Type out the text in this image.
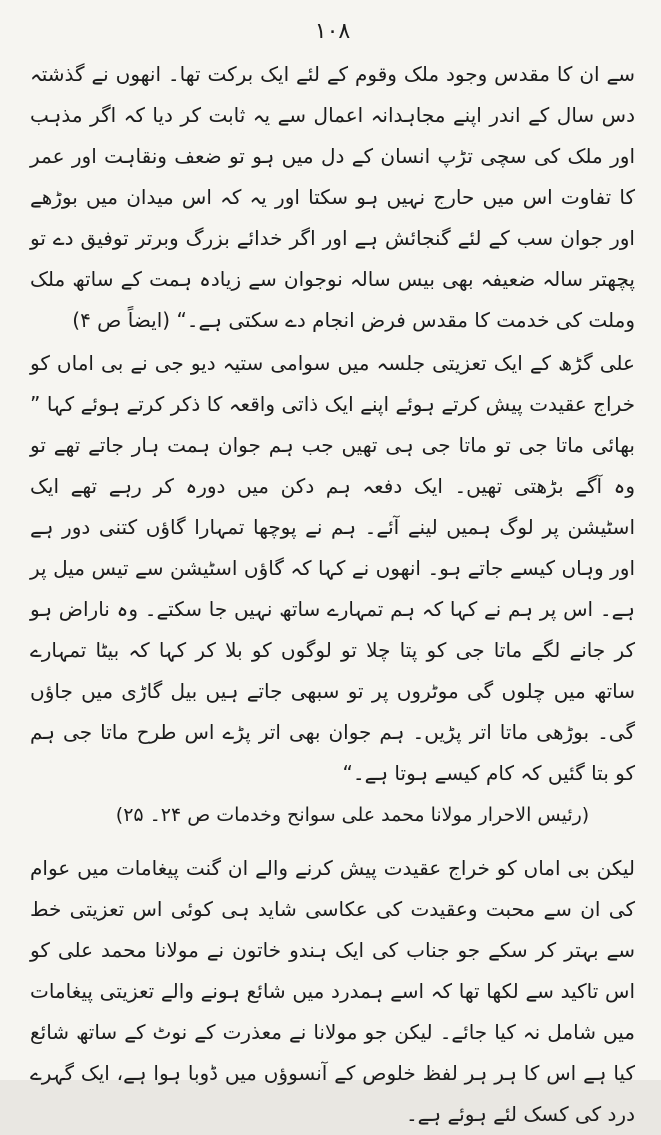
۱۰۸

سے ان کا مقدس وجود ملک وقوم کے لئے ایک برکت تھا۔ انھوں نے گذشتہ دس سال کے اندر اپنے مجاہدانہ اعمال سے یہ ثابت کر دیا کہ اگر مذہب اور ملک کی سچی تڑپ انسان کے دل میں ہو تو ضعف ونقاہت اور عمر کا تفاوت اس میں حارج نہیں ہو سکتا اور یہ کہ اس میدان میں بوڑھے اور جوان سب کے لئے گنجائش ہے اور اگر خدائے بزرگ وبرتر توفیق دے تو پچھتر سالہ ضعیفہ بھی بیس سالہ نوجوان سے زیادہ ہمت کے ساتھ ملک وملت کی خدمت کا مقدس فرض انجام دے سکتی ہے۔“ (ایضاً ص ۴)

علی گڑھ کے ایک تعزیتی جلسہ میں سوامی ستیہ دیو جی نے بی اماں کو خراج عقیدت پیش کرتے ہوئے اپنے ایک ذاتی واقعہ کا ذکر کرتے ہوئے کہا ” بھائی ماتا جی تو ماتا جی ہی تھیں جب ہم جوان ہمت ہار جاتے تھے تو وہ آگے بڑھتی تھیں۔ ایک دفعہ ہم دکن میں دورہ کر رہے تھے ایک اسٹیشن پر لوگ ہمیں لینے آئے۔ ہم نے پوچھا تمہارا گاؤں کتنی دور ہے اور وہاں کیسے جاتے ہو۔ انھوں نے کہا کہ گاؤں اسٹیشن سے تیس میل پر ہے۔ اس پر ہم نے کہا کہ ہم تمہارے ساتھ نہیں جا سکتے۔ وہ ناراض ہو کر جانے لگے ماتا جی کو پتا چلا تو لوگوں کو بلا کر کہا کہ بیٹا تمہارے ساتھ میں چلوں گی موٹروں پر تو سبھی جاتے ہیں بیل گاڑی میں جاؤں گی۔ بوڑھی ماتا اتر پڑیں۔ ہم جوان بھی اتر پڑے اس طرح ماتا جی ہم کو بتا گئیں کہ کام کیسے ہوتا ہے۔“

(رئیس الاحرار مولانا محمد علی سوانح وخدمات ص ۲۴۔ ۲۵)

لیکن بی اماں کو خراج عقیدت پیش کرنے والے ان گنت پیغامات میں عوام کی ان سے محبت وعقیدت کی عکاسی شاید ہی کوئی اس تعزیتی خط سے بہتر کر سکے جو جناب کی ایک ہندو خاتون نے مولانا محمد علی کو اس تاکید سے لکھا تھا کہ اسے ہمدرد میں شائع ہونے والے تعزیتی پیغامات میں شامل نہ کیا جائے۔ لیکن جو مولانا نے معذرت کے نوٹ کے ساتھ شائع کیا ہے اس کا ہر ہر لفظ خلوص کے آنسوؤں میں ڈوبا ہوا ہے، ایک گہرے درد کی کسک لئے ہوئے ہے۔
